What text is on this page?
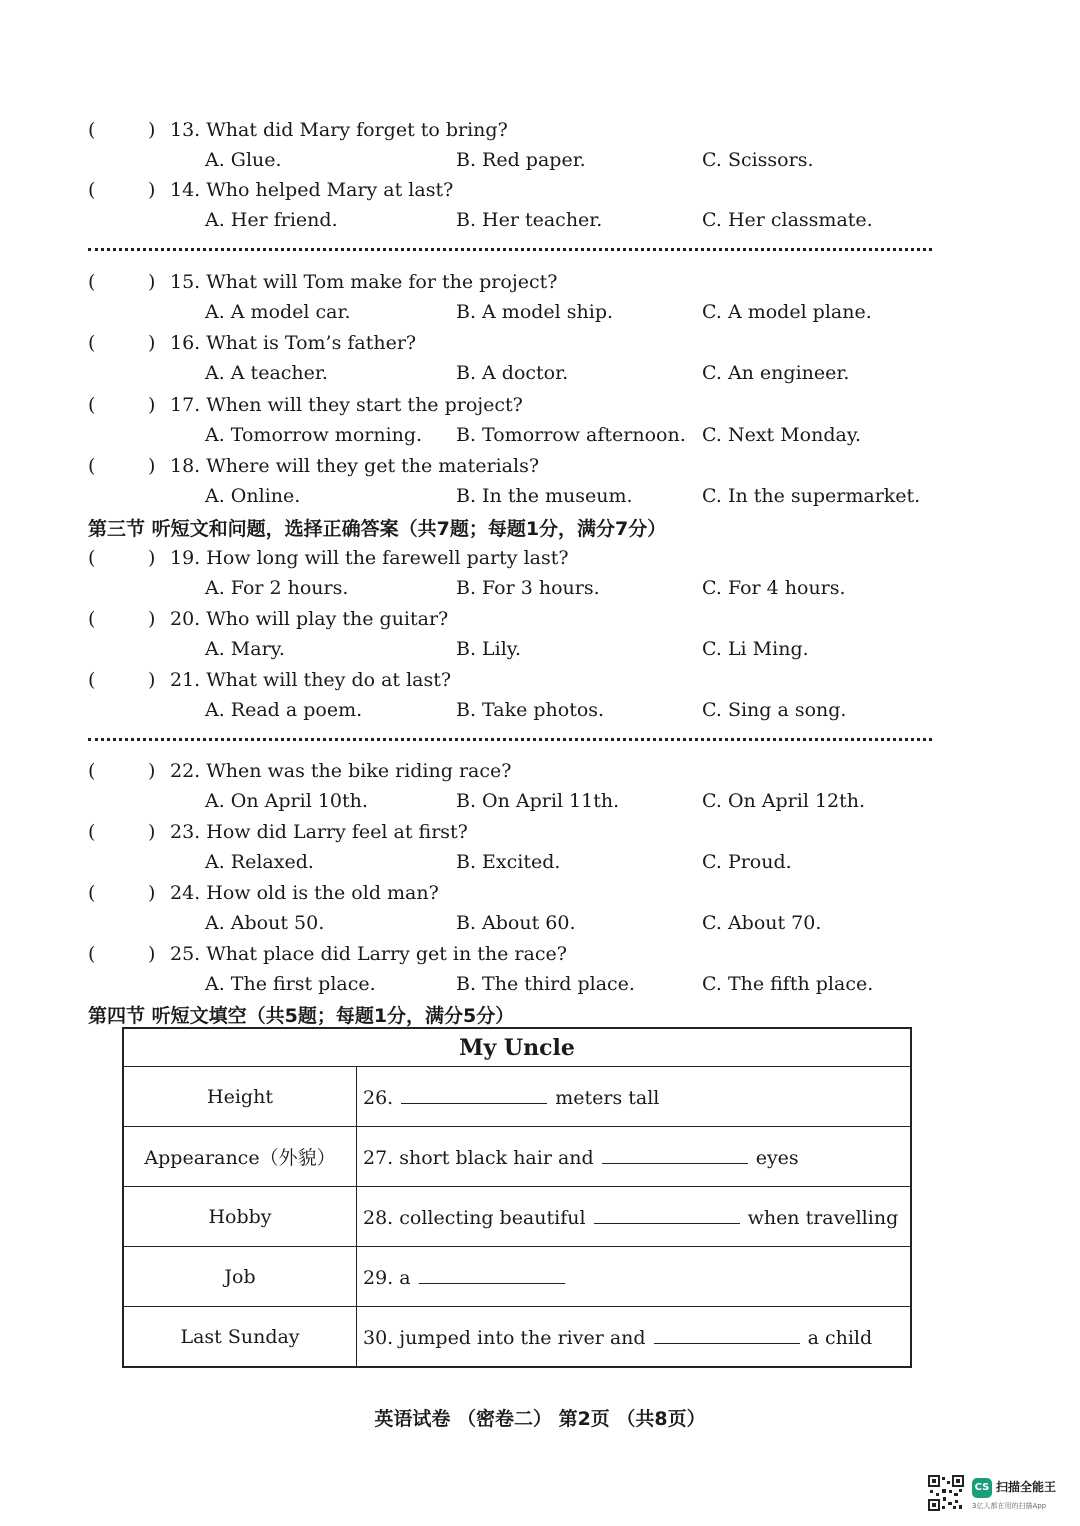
(	) 13. What did Mary forget to bring?
A. Glue.	B. Red paper.	C. Scissors.
(	) 14. Who helped Mary at last?
A. Her friend.	B. Her teacher.	C. Her classmate.
(	) 15. What will Tom make for the project?
A. A model car.	B. A model ship.	C. A model plane.
(	) 16. What is Tom’s father?
A. A teacher.	B. A doctor.	C. An engineer.
(	) 17. When will they start the project?
A. Tomorrow morning. B. Tomorrow afternoon. C. Next Monday.
(	) 18. Where will they get the materials?
A. Online.	B. In the museum.	C. In the supermarket.
第三节 听短文和问题，选择正确答案（共7题；每题1分，满分7分）
(	) 19. How long will the farewell party last?
A. For 2 hours.	B. For 3 hours.	C. For 4 hours.
(	) 20. Who will play the guitar?
A. Mary.	B. Lily.	C. Li Ming.
(	) 21. What will they do at last?
A. Read a poem.	B. Take photos.	C. Sing a song.
(	) 22. When was the bike riding race?
A. On April 10th.	B. On April 11th.	C. On April 12th.
(	) 23. How did Larry feel at first?
A. Relaxed.	B. Excited.	C. Proud.
(	) 24. How old is the old man?
A. About 50.	B. About 60.	C. About 70.
(	) 25. What place did Larry get in the race?
A. The first place.	B. The third place.	C. The fifth place.
第四节 听短文填空（共5题；每题1分，满分5分）
My Uncle	
Height	26. meters tall
Appearance（外貌）	27. short black hair and eyes
Hobby	28. collecting beautiful when travelling
Job	29. a
Last Sunday	30. jumped into the river and a child
英语试卷 （密卷二） 第2页 （共8页）
CS 扫描全能王
3亿人都在用的扫描App
